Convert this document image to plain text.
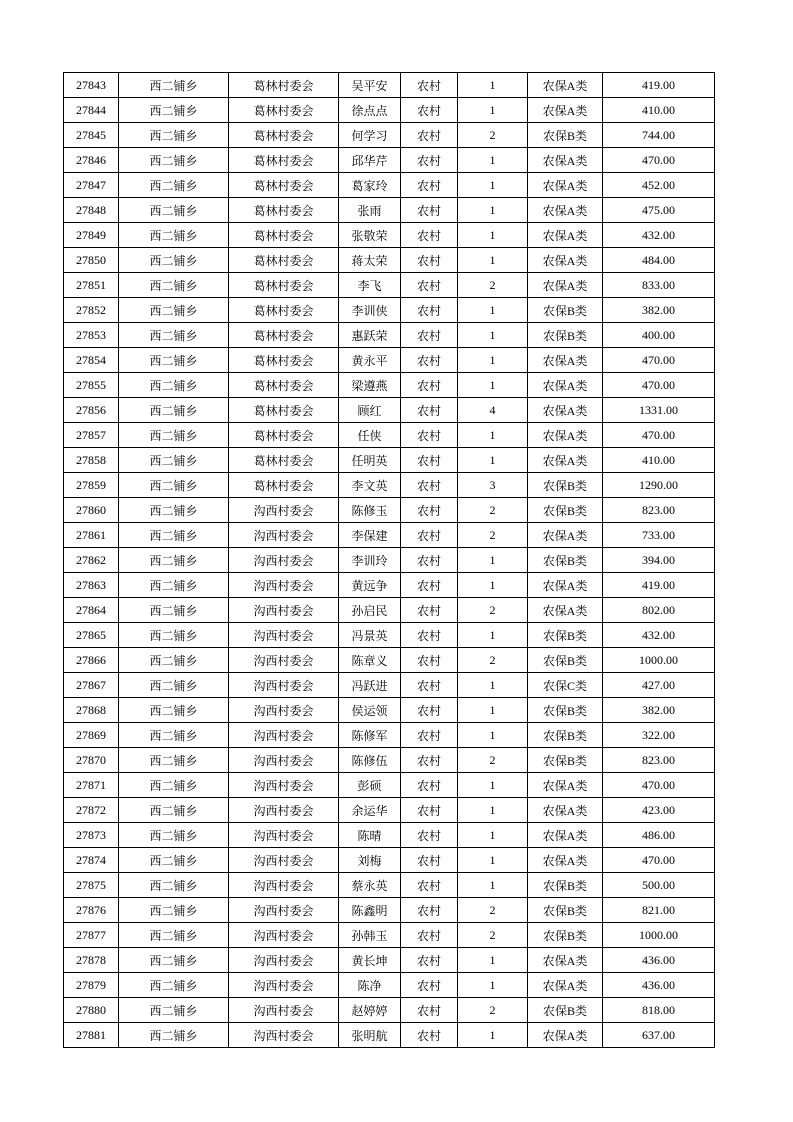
27843	西二铺乡	葛林村委会	吴平安	农村	1	农保A类	419.00
27844	西二铺乡	葛林村委会	徐点点	农村	1	农保A类	410.00
27845	西二铺乡	葛林村委会	何学习	农村	2	农保B类	744.00
27846	西二铺乡	葛林村委会	邱华芹	农村	1	农保A类	470.00
27847	西二铺乡	葛林村委会	葛家玲	农村	1	农保A类	452.00
27848	西二铺乡	葛林村委会	张雨	农村	1	农保A类	475.00
27849	西二铺乡	葛林村委会	张敬荣	农村	1	农保A类	432.00
27850	西二铺乡	葛林村委会	蒋太荣	农村	1	农保A类	484.00
27851	西二铺乡	葛林村委会	李飞	农村	2	农保A类	833.00
27852	西二铺乡	葛林村委会	李训侠	农村	1	农保B类	382.00
27853	西二铺乡	葛林村委会	惠跃荣	农村	1	农保B类	400.00
27854	西二铺乡	葛林村委会	黄永平	农村	1	农保A类	470.00
27855	西二铺乡	葛林村委会	梁遵燕	农村	1	农保A类	470.00
27856	西二铺乡	葛林村委会	顾红	农村	4	农保A类	1331.00
27857	西二铺乡	葛林村委会	任侠	农村	1	农保A类	470.00
27858	西二铺乡	葛林村委会	任明英	农村	1	农保A类	410.00
27859	西二铺乡	葛林村委会	李文英	农村	3	农保B类	1290.00
27860	西二铺乡	沟西村委会	陈修玉	农村	2	农保B类	823.00
27861	西二铺乡	沟西村委会	李保建	农村	2	农保A类	733.00
27862	西二铺乡	沟西村委会	李训玲	农村	1	农保B类	394.00
27863	西二铺乡	沟西村委会	黄远争	农村	1	农保A类	419.00
27864	西二铺乡	沟西村委会	孙启民	农村	2	农保A类	802.00
27865	西二铺乡	沟西村委会	冯景英	农村	1	农保B类	432.00
27866	西二铺乡	沟西村委会	陈章义	农村	2	农保B类	1000.00
27867	西二铺乡	沟西村委会	冯跃进	农村	1	农保C类	427.00
27868	西二铺乡	沟西村委会	侯运领	农村	1	农保B类	382.00
27869	西二铺乡	沟西村委会	陈修军	农村	1	农保B类	322.00
27870	西二铺乡	沟西村委会	陈修伍	农村	2	农保B类	823.00
27871	西二铺乡	沟西村委会	彭硕	农村	1	农保A类	470.00
27872	西二铺乡	沟西村委会	余运华	农村	1	农保A类	423.00
27873	西二铺乡	沟西村委会	陈晴	农村	1	农保A类	486.00
27874	西二铺乡	沟西村委会	刘梅	农村	1	农保A类	470.00
27875	西二铺乡	沟西村委会	蔡永英	农村	1	农保B类	500.00
27876	西二铺乡	沟西村委会	陈鑫明	农村	2	农保B类	821.00
27877	西二铺乡	沟西村委会	孙韩玉	农村	2	农保B类	1000.00
27878	西二铺乡	沟西村委会	黄长坤	农村	1	农保A类	436.00
27879	西二铺乡	沟西村委会	陈净	农村	1	农保A类	436.00
27880	西二铺乡	沟西村委会	赵婷婷	农村	2	农保B类	818.00
27881	西二铺乡	沟西村委会	张明航	农村	1	农保A类	637.00
